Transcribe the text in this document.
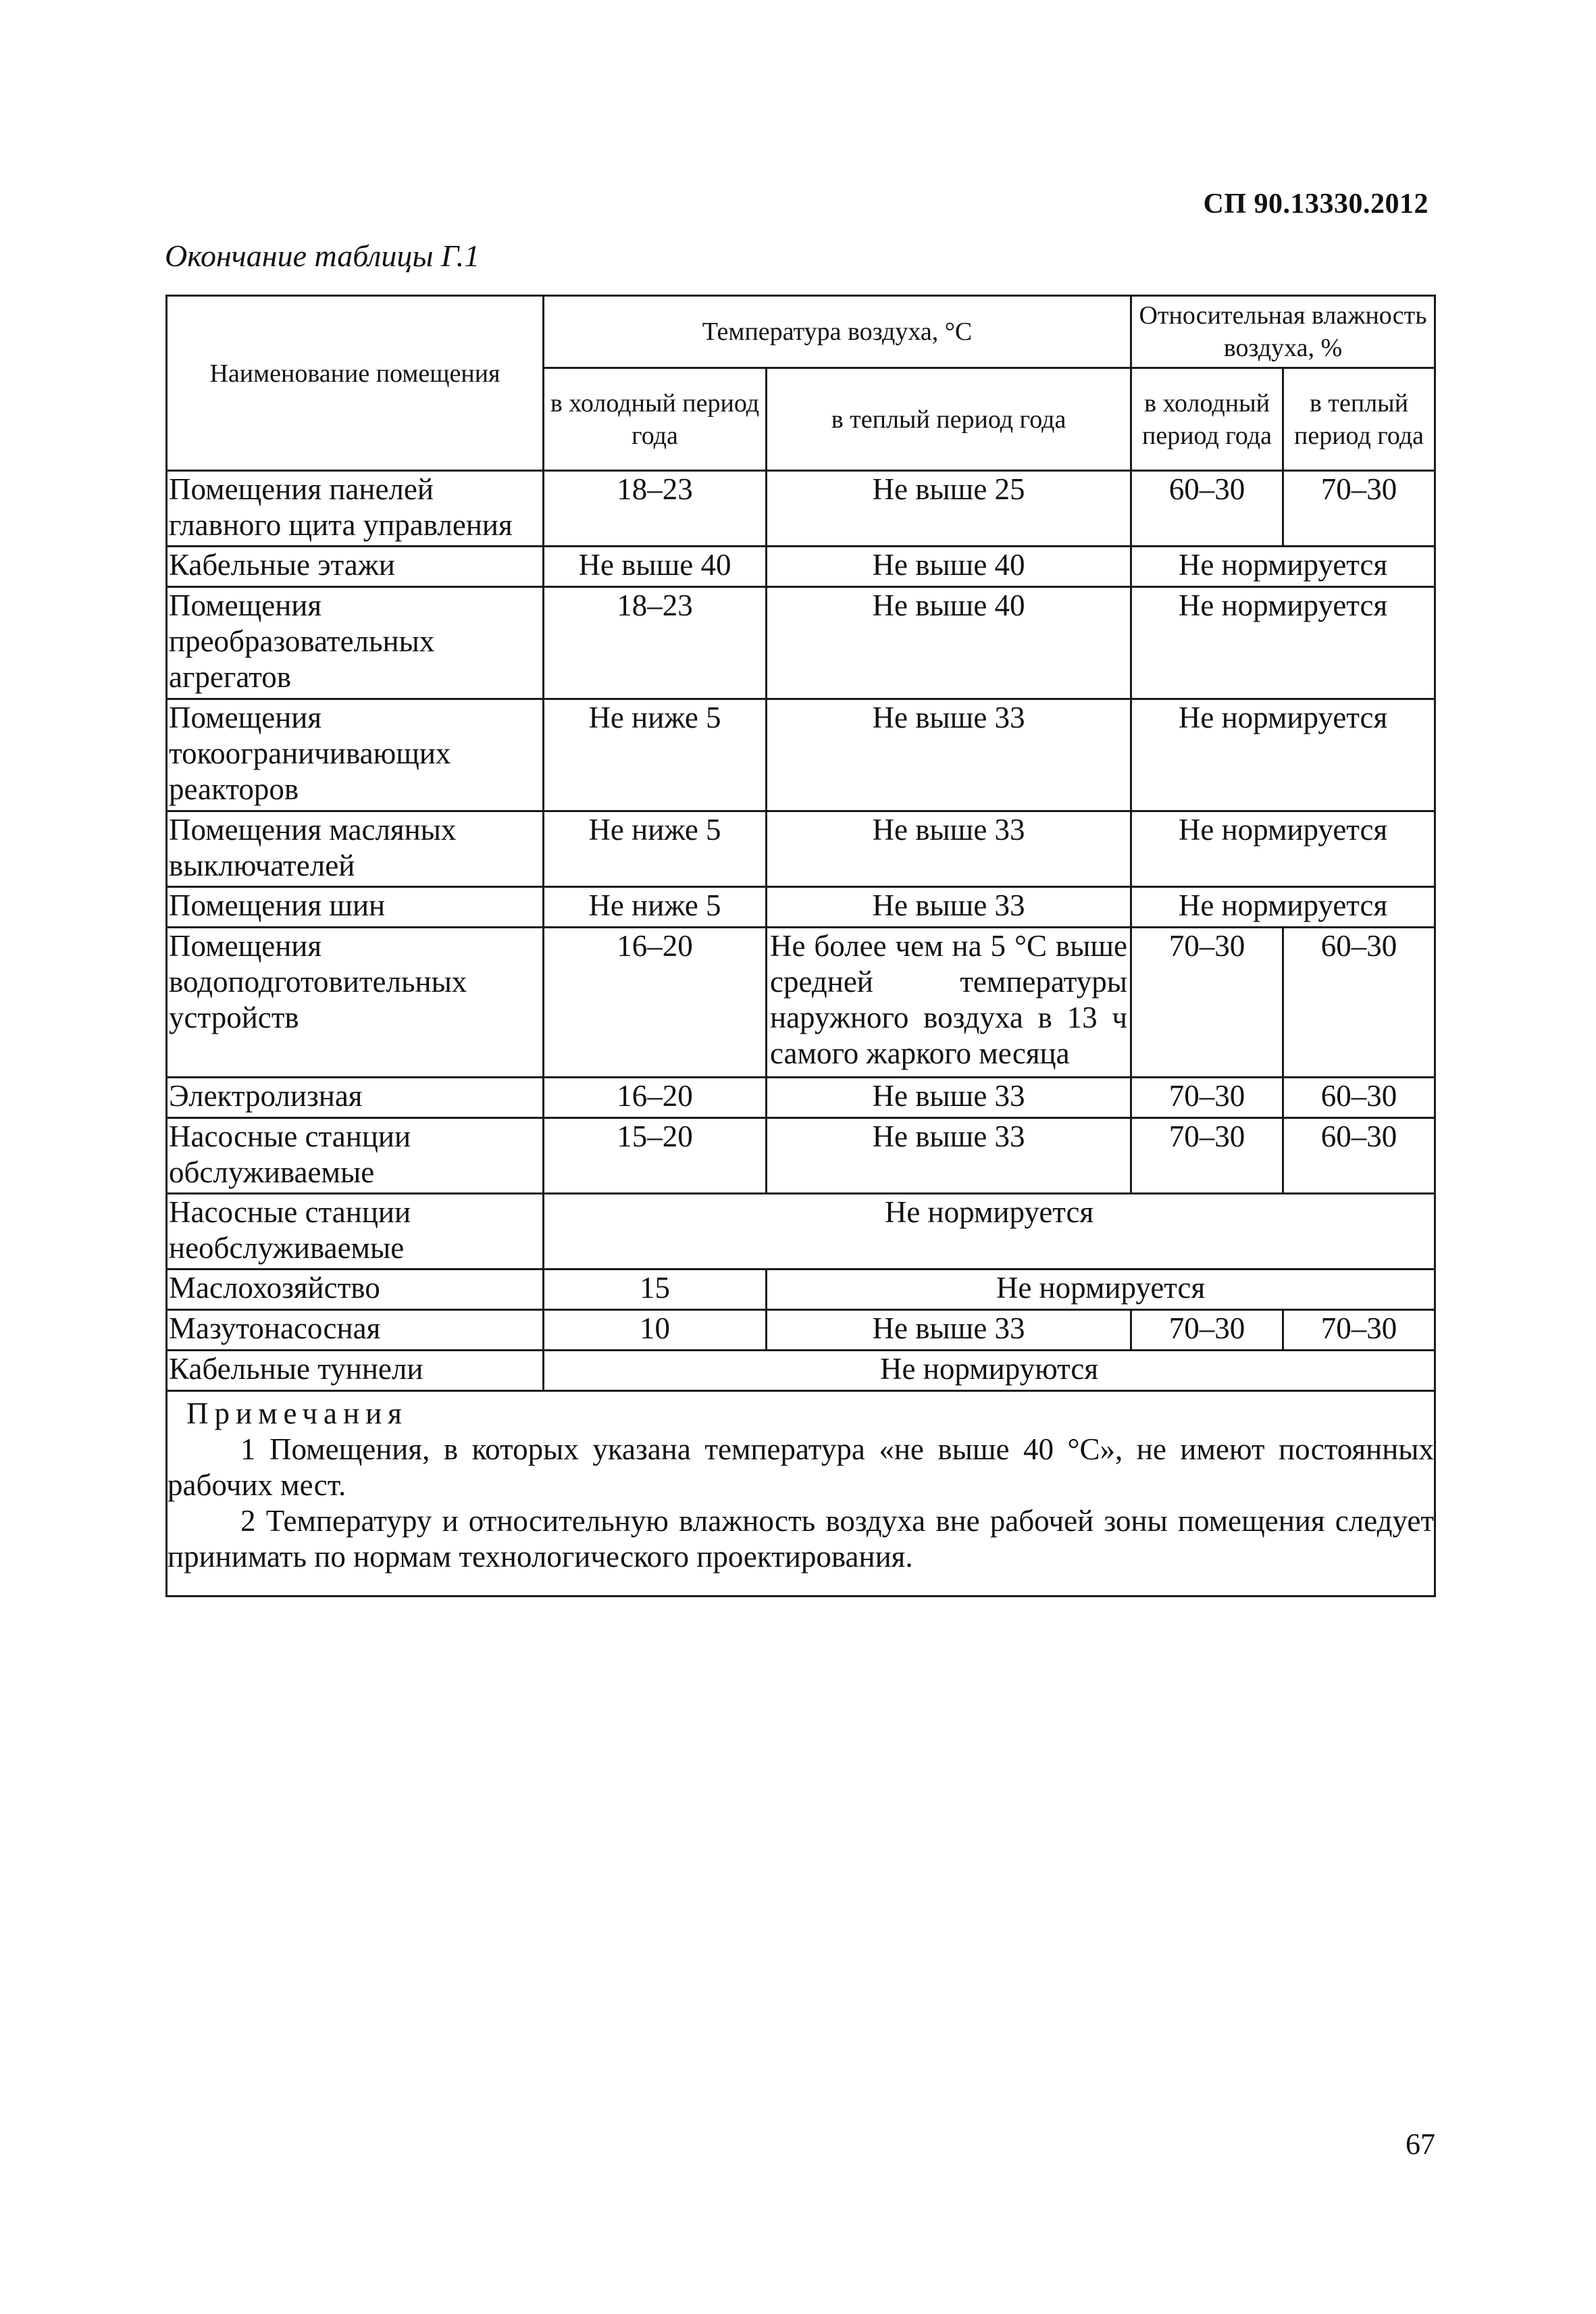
СП 90.13330.2012
Окончание таблицы Г.1
Наименование помещения	Температура воздуха, °С		Относительная влажность воздуха, %	
	в холодный период года	в теплый период года	в холодный период года	в теплый период года
Помещения панелей главного щита управления	18–23	Не выше 25	60–30	70–30
Кабельные этажи	Не выше 40	Не выше 40	Не нормируется	
Помещения преобразовательных агрегатов	18–23	Не выше 40	Не нормируется	
Помещения токоограничивающих реакторов	Не ниже 5	Не выше 33	Не нормируется	
Помещения масляных выключателей	Не ниже 5	Не выше 33	Не нормируется	
Помещения шин	Не ниже 5	Не выше 33	Не нормируется	
Помещения водоподготовительных устройств	16–20	Не более чем на 5 °С выше средней температуры наружного воздуха в 13 ч самого жаркого месяца	70–30	60–30
Электролизная	16–20	Не выше 33	70–30	60–30
Насосные станции обслуживаемые	15–20	Не выше 33	70–30	60–30
Насосные станции необслуживаемые	Не нормируется			
Маслохозяйство	15	Не нормируется		
Мазутонасосная	10	Не выше 33	70–30	70–30
Кабельные туннели	Не нормируются			

Примечания
1 Помещения, в которых указана температура «не выше 40 °С», не имеют постоянных рабочих мест.
2 Температуру и относительную влажность воздуха вне рабочей зоны помещения следует принимать по нормам технологического проектирования.				
67
